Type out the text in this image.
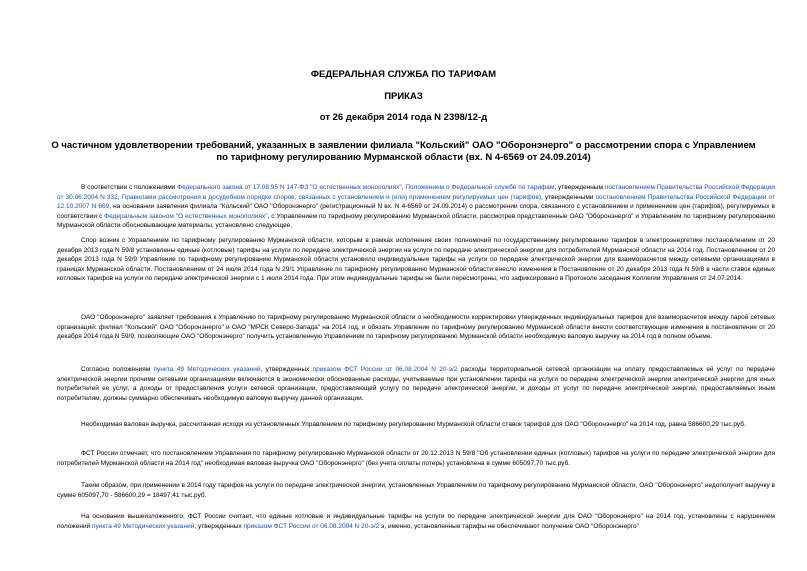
ФЕДЕРАЛЬНАЯ СЛУЖБА ПО ТАРИФАМ
ПРИКАЗ
от 26 декабря 2014 года N 2398/12-д
О частичном удовлетворении требований, указанных в заявлении филиала "Кольский" ОАО "Оборонэнерго" о рассмотрении спора с Управлением по тарифному регулированию Мурманской области (вх. N 4-6569 от 24.09.2014)
В соответствии с положениями Федерального закона от 17.08.95 N 147-ФЗ "О естественных монополиях", Положением о Федеральной службе по тарифам, утвержденным постановлением Правительства Российской Федерации от 30.06.2004 N 332, Правилами рассмотрения в досудебном порядке споров, связанных с установлением и (или) применением регулируемых цен (тарифов), утвержденными постановлением Правительства Российской Федерации от 12.10.2007 N 669, на основании заявления филиала "Кольский" ОАО "Оборонэнерго" (регистрационный N вх. N 4-6569 от 24.09.2014) о рассмотрении спора, связанного с установлением и применением цен (тарифов), регулируемых в соответствии с Федеральным законом "О естественных монополиях", с Управлением по тарифному регулированию Мурманской области, рассмотрев представленные ОАО "Оборонэнерго" и Управлением по тарифному регулированию Мурманской области обосновывающие материалы, установлено следующее.
Спор возник с Управлением по тарифному регулированию Мурманской области, которым в рамках исполнения своих полномочий по государственному регулированию тарифов в электроэнергетике постановлением от 20 декабря 2013 года N 59/8 установлены единые (котловые) тарифы на услуги по передаче электрической энергии на услуги по передаче электрической энергии для потребителей Мурманской области на 2014 год. Постановлением от 20 декабря 2013 года N 59/9 Управление по тарифному регулированию Мурманской области установило индивидуальные тарифы на услуги по передаче электрической энергии для взаиморасчетов между сетевыми организациями в границах Мурманской области. Постановлением от 24 июля 2014 года N 29/1 Управление по тарифному регулированию Мурманской области внесло изменения в Постановление от 20 декабря 2013 года N 59/8 в части ставок единых котловых тарифов на услуги по передаче электрической энергии с 1 июля 2014 года. При этом индивидуальные тарифы не были пересмотрены, что зафиксировано в Протоколе заседания Коллегии Управления от 24.07.2014.
ОАО "Оборонэнерго" заявляет требования к Управлению по тарифному регулированию Мурманской области о необходимости корректировки утвержденных индивидуальных тарифов для взаиморасчетов между парой сетевых организаций: филиал "Кольский" ОАО "Оборонэнерго" и ОАО "МРСК Северо-Запада" на 2014 год, и обязать Управление по тарифному регулированию Мурманской области внести соответствующие изменения в постановление от 20 декабря 2014 года N 59/9, позволяющие ОАО "Оборонэнерго" получить установленную Управлением по тарифному регулированию Мурманской области необходимую валовую выручку на 2014 год в полном объеме.
Согласно положениям пункта 49 Методических указаний, утвержденных приказом ФСТ России от 06.08.2004 N 20-э/2 расходы территориальной сетевой организации на оплату предоставляемых ей услуг по передаче электрической энергии прочими сетевыми организациями включаются в экономически обоснованные расходы, учитываемые при установлении тарифа на услуги по передаче электрической энергии электрической энергии для иных потребителей ее услуг, а доходы от предоставления услуги сетевой организации, предоставляющей услугу по передаче электрической энергии, и доходы от услуг по передаче электрической энергии, предоставляемых иным потребителям, должны суммарно обеспечивать необходимую валовую выручку данной организации.
Необходимая валовая выручка, рассчитанная исходя из установленных Управлением по тарифному регулированию Мурманской области ставок тарифов для ОАО "Оборонэнерго" на 2014 год, равна 586600,29 тыс.руб.
ФСТ России отмечает, что постановлением Управления по тарифному регулированию Мурманской области от 20.12.2013 N 59/8 "Об установлении единых (котловых) тарифов на услуги по передаче электрической энергии для потребителей Мурманской области на 2014 год" необходимая валовая выручка ОАО "Оборонэнерго" (без учета оплаты потерь) установлена в сумме 605097,70 тыс.руб.
Таким образом, при применении в 2014 году тарифов на услуги по передаче электрической энергии, установленных Управлением по тарифному регулированию Мурманской области, ОАО "Оборонэнерго" недополучит выручку в сумме 605097,70 - 586600,29 = 18497,41 тыс.руб.
На основании вышеизложенного, ФСТ России считает, что единые котловые и индивидуальные тарифы на услуги по передаче электрической энергии для ОАО "Оборонэнерго" на 2014 год, установлены с нарушением положений пункта 49 Методических указаний, утвержденных приказом ФСТ России от 06.08.2004 N 20-э/2 э, именно, установленные тарифы не обеспечивают получение ОАО "Оборонэнерго"
